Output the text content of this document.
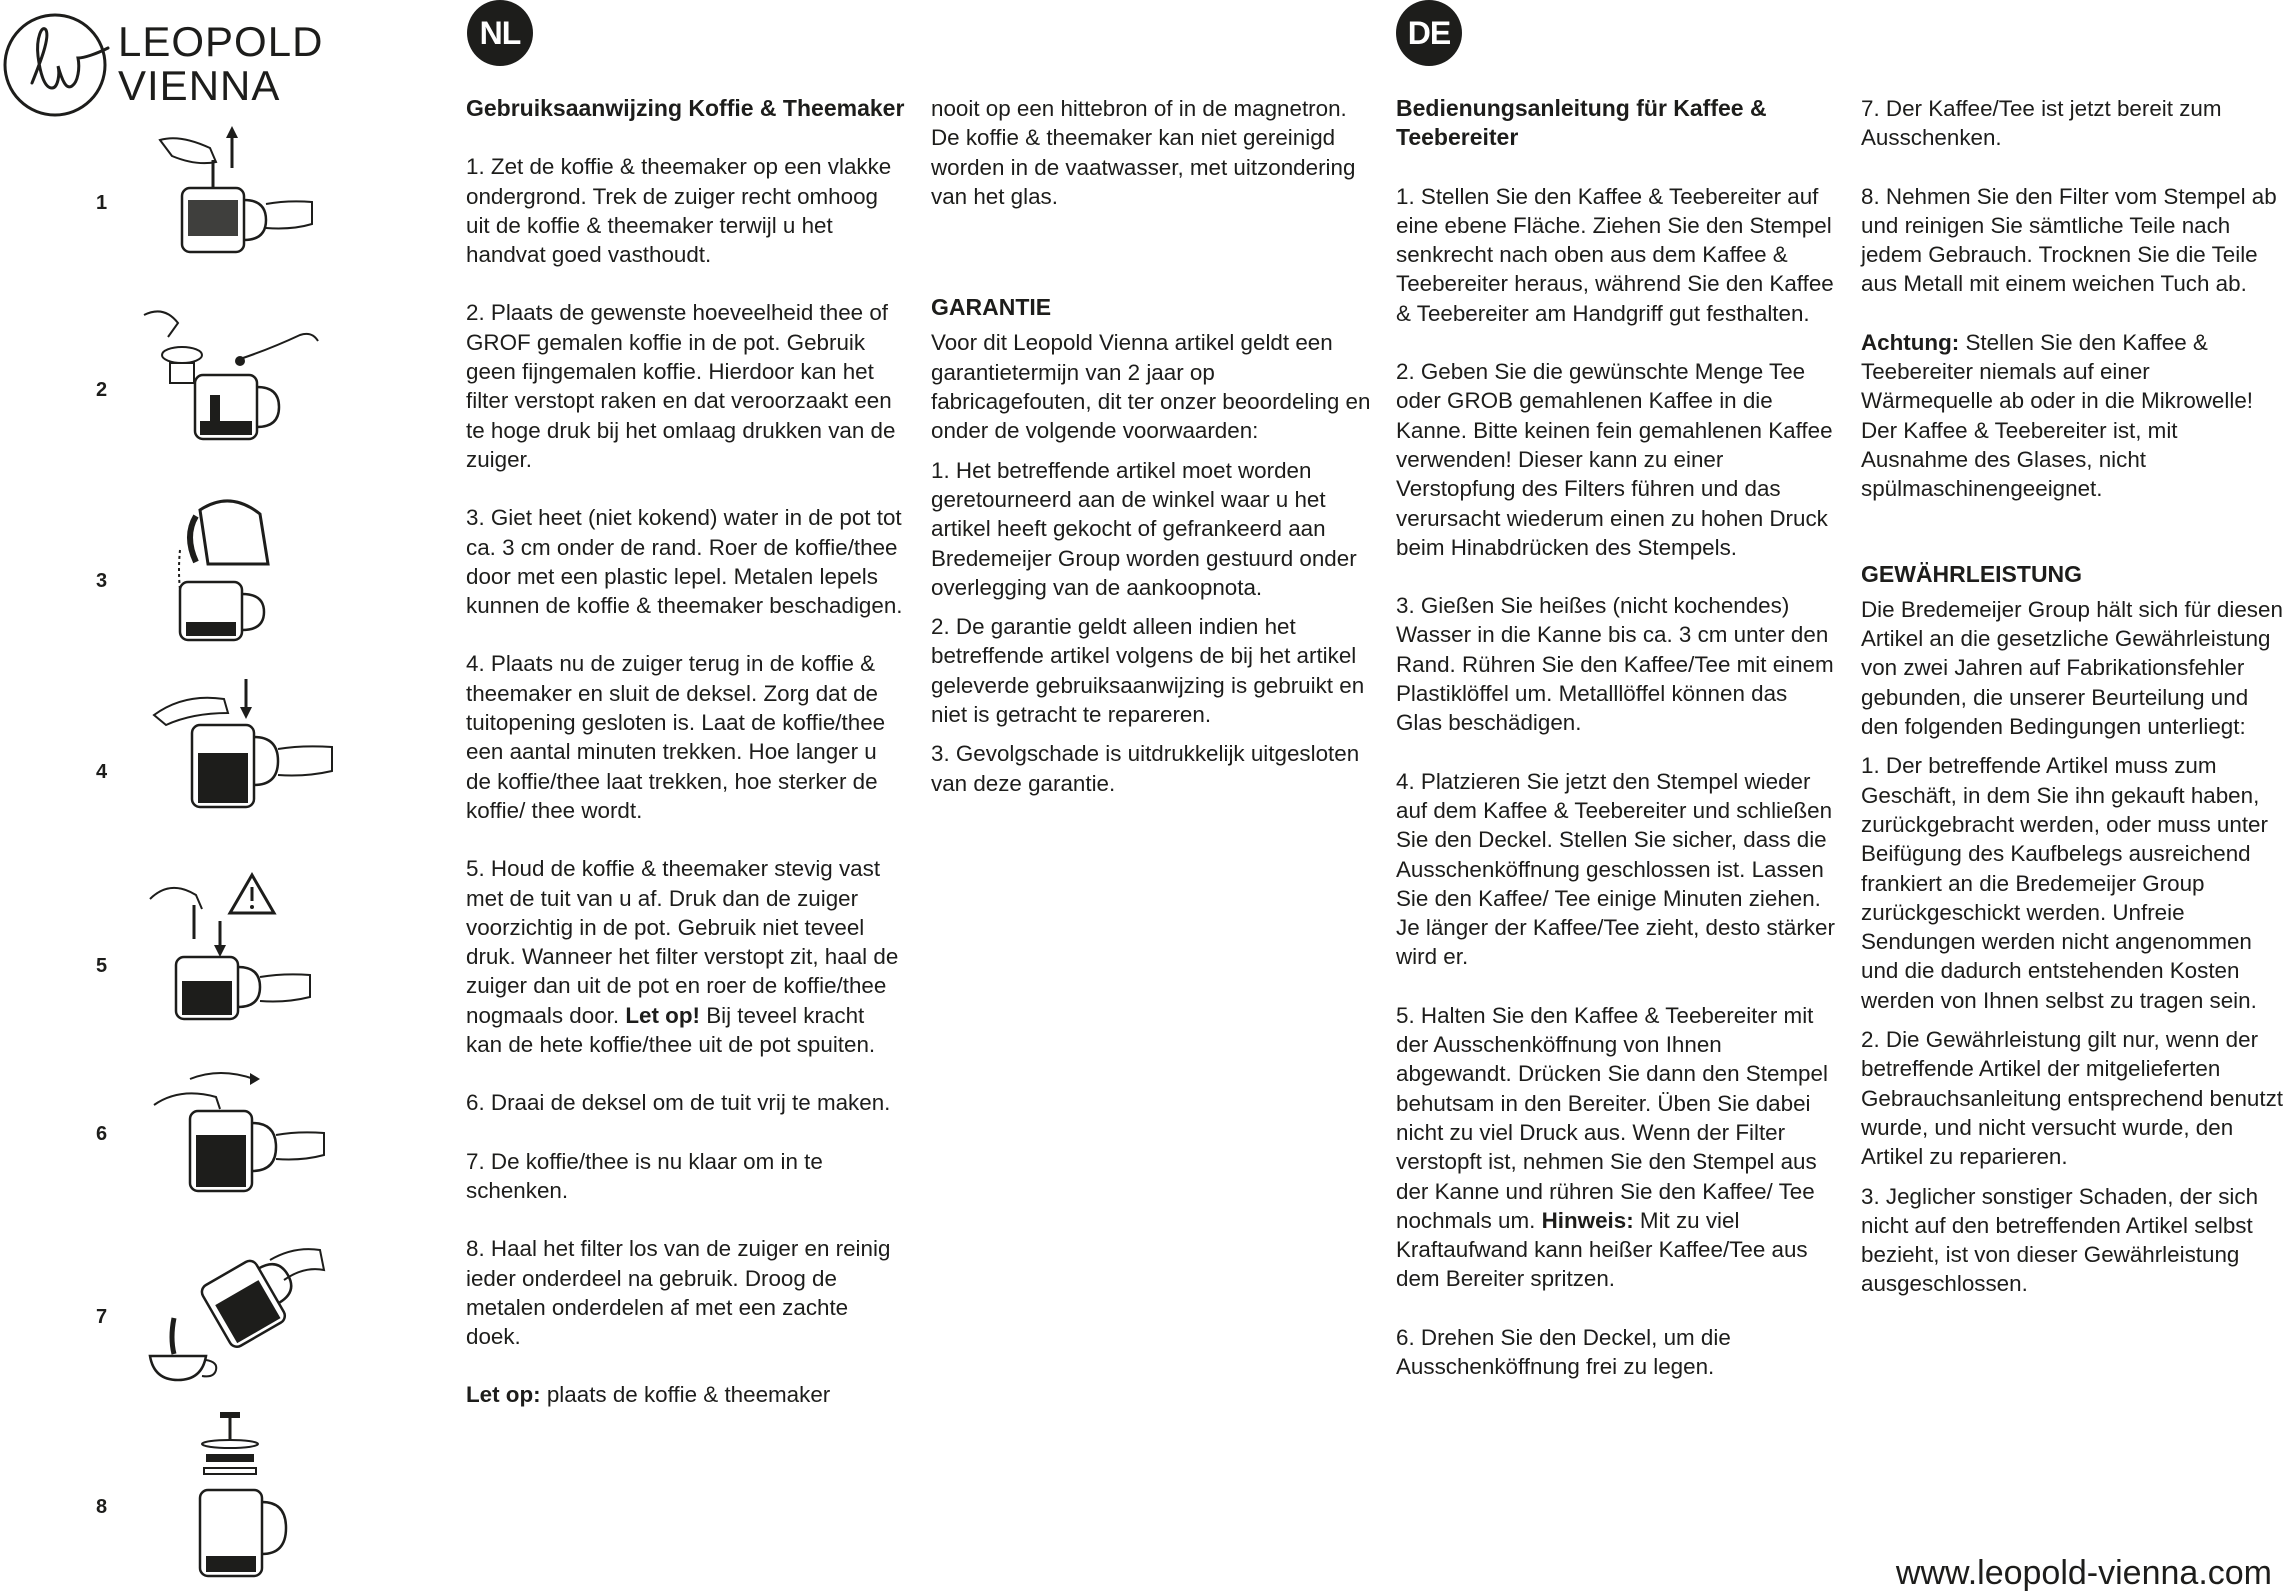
LEOPOLD
VIENNA
1
2
3
4
5
6
7
8
NL
Gebruiksaanwijzing Koffie & Theemaker

1. Zet de koffie & theemaker op een vlakke ondergrond. Trek de zuiger recht omhoog uit de koffie & theemaker terwijl u het handvat goed vasthoudt.

2. Plaats de gewenste hoeveelheid thee of GROF gemalen koffie in de pot. Gebruik geen fijngemalen koffie. Hierdoor kan het filter verstopt raken en dat veroorzaakt een te hoge druk bij het omlaag drukken van de zuiger.

3. Giet heet (niet kokend) water in de pot tot ca. 3 cm onder de rand. Roer de koffie/thee door met een plastic lepel. Metalen lepels kunnen de koffie & theemaker beschadigen.

4. Plaats nu de zuiger terug in de koffie & theemaker en sluit de deksel. Zorg dat de tuitopening gesloten is. Laat de koffie/thee een aantal minuten trekken. Hoe langer u de koffie/thee laat trekken, hoe sterker de koffie/ thee wordt.

5. Houd de koffie & theemaker stevig vast met de tuit van u af. Druk dan de zuiger voorzichtig in de pot. Gebruik niet teveel druk. Wanneer het filter verstopt zit, haal de zuiger dan uit de pot en roer de koffie/thee nogmaals door. Let op! Bij teveel kracht kan de hete koffie/thee uit de pot spuiten.

6. Draai de deksel om de tuit vrij te maken.

7. De koffie/thee is nu klaar om in te schenken.

8. Haal het filter los van de zuiger en reinig ieder onderdeel na gebruik. Droog de metalen onderdelen af met een zachte doek.

Let op: plaats de koffie & theemaker

nooit op een hittebron of in de magnetron. De koffie & theemaker kan niet gereinigd worden in de vaatwasser, met uitzondering van het glas.

GARANTIE

Voor dit Leopold Vienna artikel geldt een garantietermijn van 2 jaar op fabricagefouten, dit ter onzer beoordeling en onder de volgende voorwaarden:

1. Het betreffende artikel moet worden geretourneerd aan de winkel waar u het artikel heeft gekocht of gefrankeerd aan Bredemeijer Group worden gestuurd onder overlegging van de aankoopnota.

2. De garantie geldt alleen indien het betreffende artikel volgens de bij het artikel geleverde gebruiksaanwijzing is gebruikt en niet is getracht te repareren.

3. Gevolgschade is uitdrukkelijk uitgesloten van deze garantie.

DE
Bedienungsanleitung für Kaffee & Teebereiter

1. Stellen Sie den Kaffee & Teebereiter auf eine ebene Fläche. Ziehen Sie den Stempel senkrecht nach oben aus dem Kaffee & Teebereiter heraus, während Sie den Kaffee & Teebereiter am Handgriff gut festhalten.

2. Geben Sie die gewünschte Menge Tee oder GROB gemahlenen Kaffee in die Kanne. Bitte keinen fein gemahlenen Kaffee verwenden! Dieser kann zu einer Verstopfung des Filters führen und das verursacht wiederum einen zu hohen Druck beim Hinabdrücken des Stempels.

3. Gießen Sie heißes (nicht kochendes) Wasser in die Kanne bis ca. 3 cm unter den Rand. Rühren Sie den Kaffee/Tee mit einem Plastiklöffel um. Metalllöffel können das Glas beschädigen.

4. Platzieren Sie jetzt den Stempel wieder auf dem Kaffee & Teebereiter und schließen Sie den Deckel. Stellen Sie sicher, dass die Ausschenköffnung geschlossen ist. Lassen Sie den Kaffee/ Tee einige Minuten ziehen. Je länger der Kaffee/Tee zieht, desto stärker wird er.

5. Halten Sie den Kaffee & Teebereiter mit der Ausschenköffnung von Ihnen abgewandt. Drücken Sie dann den Stempel behutsam in den Bereiter. Üben Sie dabei nicht zu viel Druck aus. Wenn der Filter verstopft ist, nehmen Sie den Stempel aus der Kanne und rühren Sie den Kaffee/ Tee nochmals um. Hinweis: Mit zu viel Kraftaufwand kann heißer Kaffee/Tee aus dem Bereiter spritzen.

6. Drehen Sie den Deckel, um die Ausschenköffnung frei zu legen.

7. Der Kaffee/Tee ist jetzt bereit zum Ausschenken.

8. Nehmen Sie den Filter vom Stempel ab und reinigen Sie sämtliche Teile nach jedem Gebrauch. Trocknen Sie die Teile aus Metall mit einem weichen Tuch ab.

Achtung: Stellen Sie den Kaffee & Teebereiter niemals auf einer Wärmequelle ab oder in die Mikrowelle! Der Kaffee & Teebereiter ist, mit Ausnahme des Glases, nicht spülmaschinengeeignet.

GEWÄHRLEISTUNG

Die Bredemeijer Group hält sich für diesen Artikel an die gesetzliche Gewährleistung von zwei Jahren auf Fabrikationsfehler gebunden, die unserer Beurteilung und den folgenden Bedingungen unterliegt:

1. Der betreffende Artikel muss zum Geschäft, in dem Sie ihn gekauft haben, zurückgebracht werden, oder muss unter Beifügung des Kaufbelegs ausreichend frankiert an die Bredemeijer Group zurückgeschickt werden. Unfreie Sendungen werden nicht angenommen und die dadurch entstehenden Kosten werden von Ihnen selbst zu tragen sein.

2. Die Gewährleistung gilt nur, wenn der betreffende Artikel der mitgelieferten Gebrauchsanleitung entsprechend benutzt wurde, und nicht versucht wurde, den Artikel zu reparieren.

3. Jeglicher sonstiger Schaden, der sich nicht auf den betreffenden Artikel selbst bezieht, ist von dieser Gewährleistung ausgeschlossen.

www.leopold-vienna.com
